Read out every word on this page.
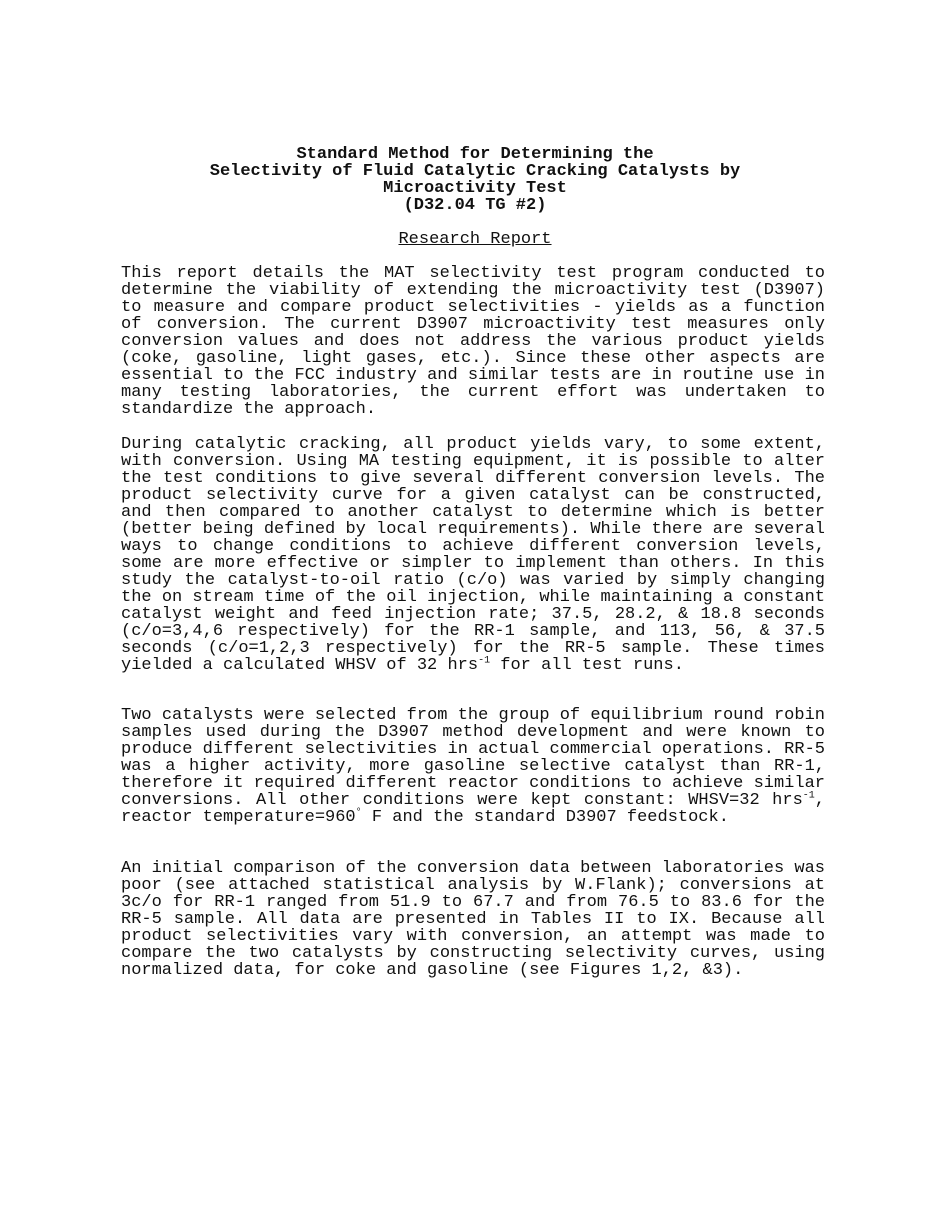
Standard Method for Determining the
Selectivity of Fluid Catalytic Cracking Catalysts by
Microactivity Test
(D32.04 TG #2)
Research Report
This report details the MAT selectivity test program conducted to determine the viability of extending the microactivity test (D3907) to measure and compare product selectivities - yields as a function of conversion. The current D3907 microactivity test measures only conversion values and does not address the various product yields (coke, gasoline, light gases, etc.). Since these other aspects are essential to the FCC industry and similar tests are in routine use in many testing laboratories, the current effort was undertaken to standardize the approach.
During catalytic cracking, all product yields vary, to some extent, with conversion. Using MA testing equipment, it is possible to alter the test conditions to give several different conversion levels. The product selectivity curve for a given catalyst can be constructed, and then compared to another catalyst to determine which is better (better being defined by local requirements). While there are several ways to change conditions to achieve different conversion levels, some are more effective or simpler to implement than others. In this study the catalyst-to-oil ratio (c/o) was varied by simply changing the on stream time of the oil injection, while maintaining a constant catalyst weight and feed injection rate; 37.5, 28.2, & 18.8 seconds (c/o=3,4,6 respectively) for the RR-1 sample, and 113, 56, & 37.5 seconds (c/o=1,2,3 respectively) for the RR-5 sample. These times yielded a calculated WHSV of 32 hrs$^{-1}$ for all test runs.
Two catalysts were selected from the group of equilibrium round robin samples used during the D3907 method development and were known to produce different selectivities in actual commercial operations. RR-5 was a higher activity, more gasoline selective catalyst than RR-1, therefore it required different reactor conditions to achieve similar conversions. All other conditions were kept constant: WHSV=32 hrs$^{-1}$, reactor temperature=960° F and the standard D3907 feedstock.
An initial comparison of the conversion data between laboratories was poor (see attached statistical analysis by W.Flank); conversions at 3c/o for RR-1 ranged from 51.9 to 67.7 and from 76.5 to 83.6 for the RR-5 sample. All data are presented in Tables II to IX. Because all product selectivities vary with conversion, an attempt was made to compare the two catalysts by constructing selectivity curves, using normalized data, for coke and gasoline (see Figures 1,2, &3).
